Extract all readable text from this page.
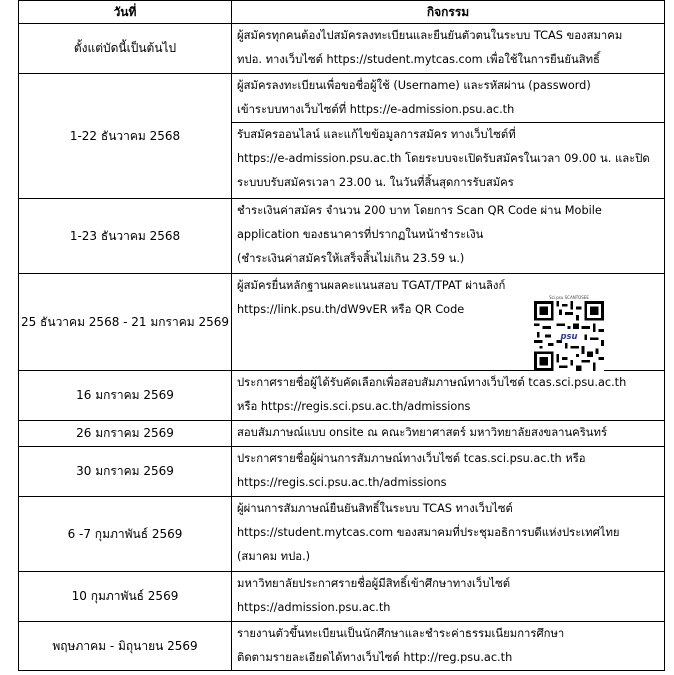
วันที่	กิจกรรม
ตั้งแต่บัดนี้เป็นต้นไป	ผู้สมัครทุกคนต้องไปสมัครลงทะเบียนและยืนยันตัวตนในระบบ TCAS ของสมาคม
ทปอ. ทางเว็บไซต์ https://student.mytcas.com เพื่อใช้ในการยืนยันสิทธิ์

1-22 ธันวาคม 2568	ผู้สมัครลงทะเบียนเพื่อขอชื่อผู้ใช้ (Username) และรหัสผ่าน (password)
เข้าระบบทางเว็บไซต์ที่ https://e-admission.psu.ac.th
รับสมัครออนไลน์ และแก้ไขข้อมูลการสมัคร ทางเว็บไซต์ที่
https://e-admission.psu.ac.th โดยระบบจะเปิดรับสมัครในเวลา 09.00 น. และปิด
ระบบบรับสมัครเวลา 23.00 น. ในวันที่สิ้นสุดการรับสมัคร

1-23 ธันวาคม 2568	ชำระเงินค่าสมัคร จำนวน 200 บาท โดยการ Scan QR Code ผ่าน Mobile
application ของธนาคารที่ปรากฏในหน้าชำระเงิน
(ชำระเงินค่าสมัครให้เสร็จสิ้นไม่เกิน 23.59 น.)

25 ธันวาคม 2568 - 21 มกราคม 2569	ผู้สมัครยื่นหลักฐานผลคะแนนสอบ TGAT/TPAT ผ่านลิงก์
https://link.psu.th/dW9vER หรือ QR Code
Sci.psu SCANTOSEE
psu

16 มกราคม 2569	ประกาศรายชื่อผู้ได้รับคัดเลือกเพื่อสอบสัมภาษณ์ทางเว็บไซต์ tcas.sci.psu.ac.th
หรือ https://regis.sci.psu.ac.th/admissions

26 มกราคม 2569	สอบสัมภาษณ์แบบ onsite ณ คณะวิทยาศาสตร์ มหาวิทยาลัยสงขลานครินทร์

30 มกราคม 2569	ประกาศรายชื่อผู้ผ่านการสัมภาษณ์ทางเว็บไซต์ tcas.sci.psu.ac.th หรือ
https://regis.sci.psu.ac.th/admissions

6 -7 กุมภาพันธ์ 2569	ผู้ผ่านการสัมภาษณ์ยืนยันสิทธิ์ในระบบ TCAS ทางเว็บไซต์
https://student.mytcas.com ของสมาคมที่ประชุมอธิการบดีแห่งประเทศไทย
(สมาคม ทปอ.)

10 กุมภาพันธ์ 2569	มหาวิทยาลัยประกาศรายชื่อผู้มีสิทธิ์เข้าศึกษาทางเว็บไซต์
https://admission.psu.ac.th

พฤษภาคม - มิถุนายน 2569	รายงานตัวขึ้นทะเบียนเป็นนักศึกษาและชำระค่าธรรมเนียมการศึกษา
ติดตามรายละเอียดได้ทางเว็บไซต์ http://reg.psu.ac.th
